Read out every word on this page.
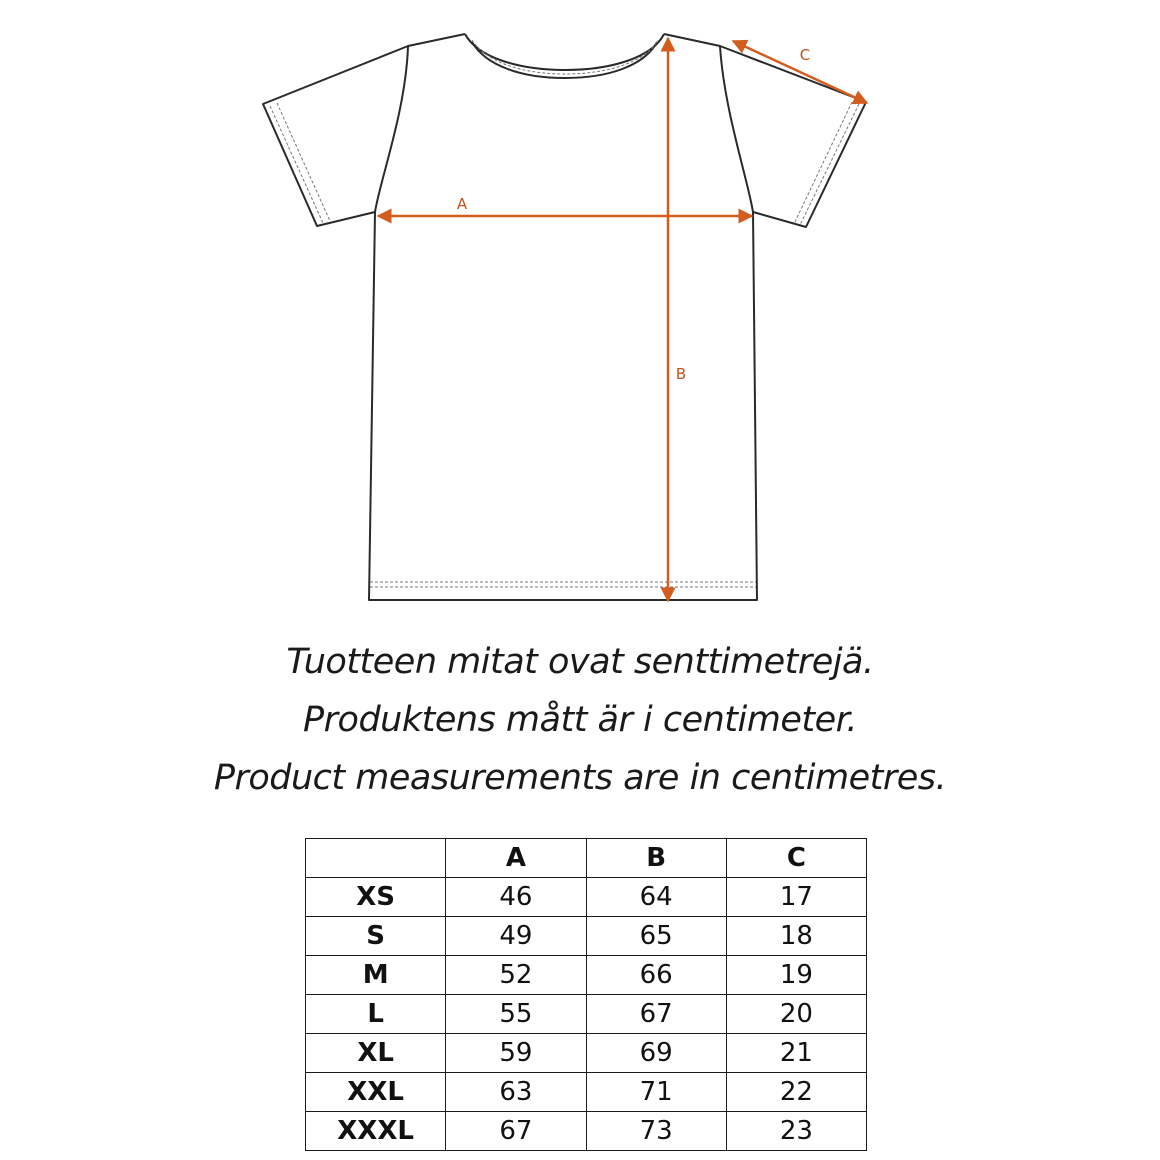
A
B
C
Tuotteen mitat ovat senttimetrejä.
Produktens mått är i centimeter.
Product measurements are in centimetres.
	A	B	C
XS	46	64	17
S	49	65	18
M	52	66	19
L	55	67	20
XL	59	69	21
XXL	63	71	22
XXXL	67	73	23
